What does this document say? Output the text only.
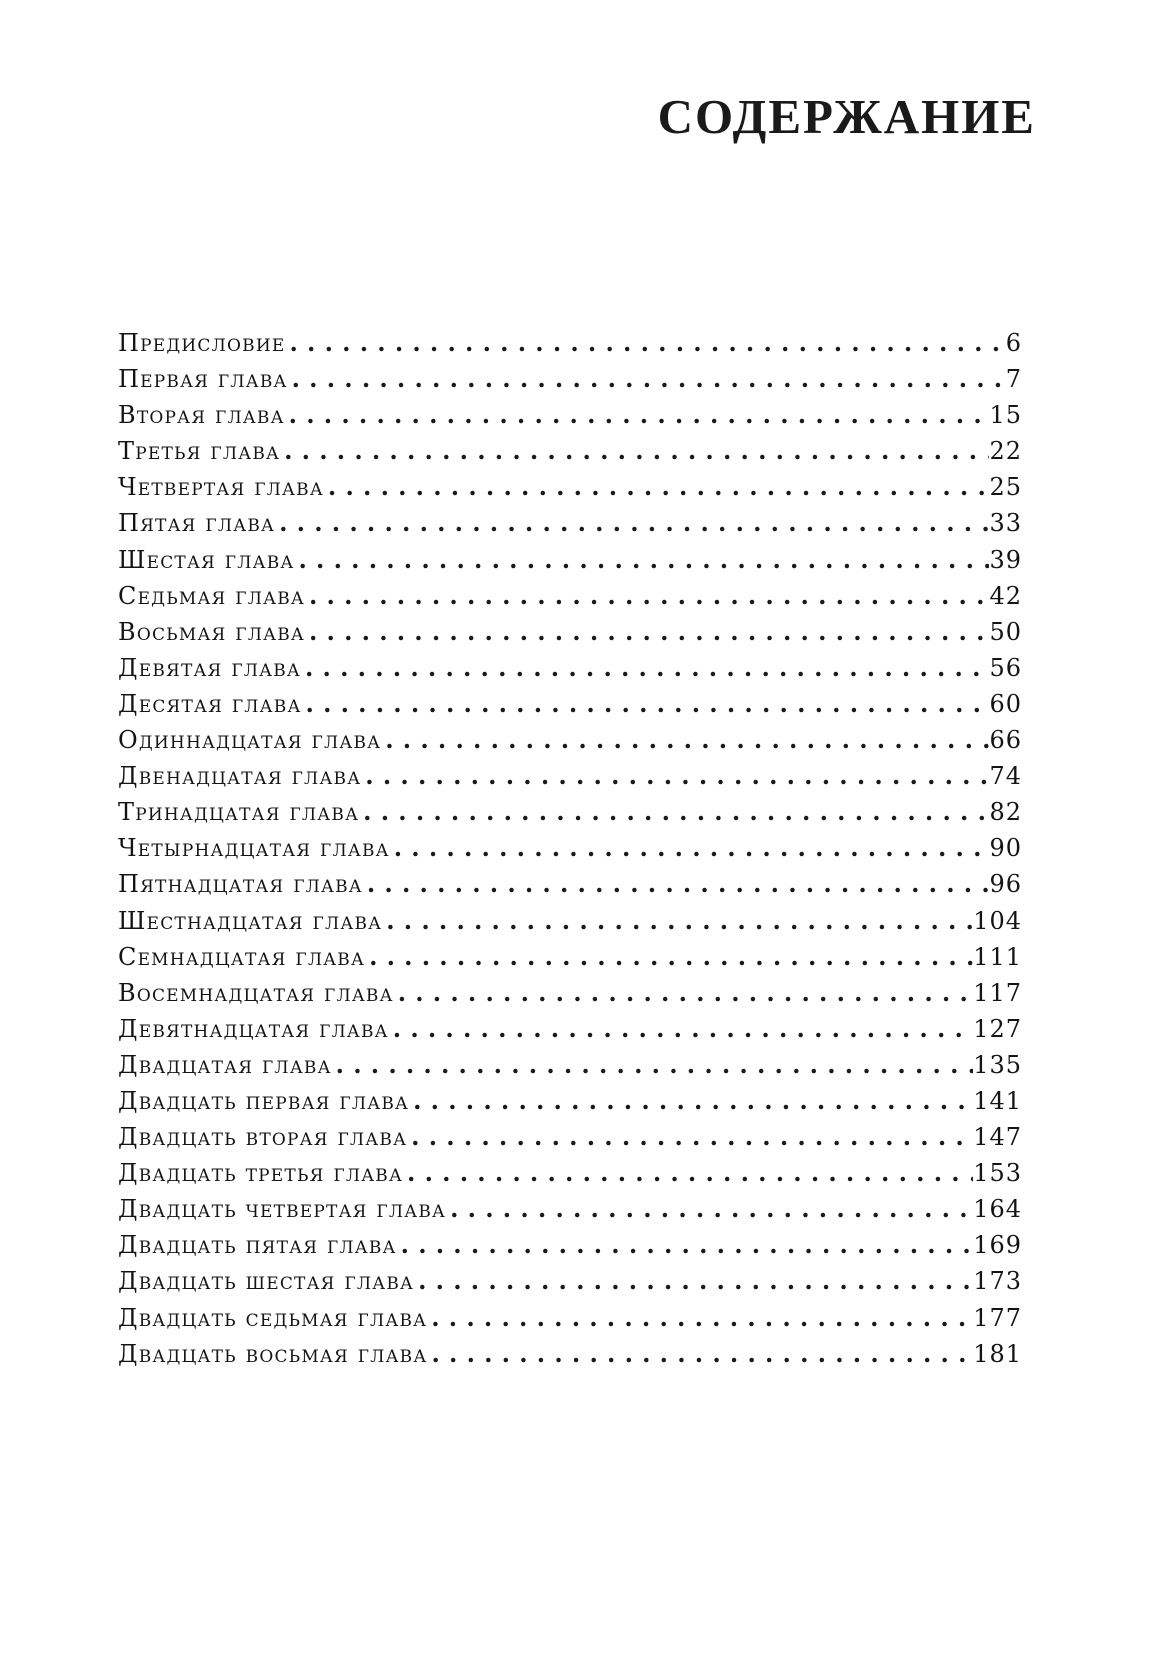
СОДЕРЖАНИЕ
Предисловие .....	6
Первая глава .....	7
Вторая глава .....	15
Третья глава .....	22
Четвертая глава .....	25
Пятая глава .....	33
Шестая глава .....	39
Седьмая глава .....	42
Восьмая глава .....	50
Девятая глава .....	56
Десятая глава .....	60
Одиннадцатая глава .....	66
Двенадцатая глава .....	74
Тринадцатая глава .....	82
Четырнадцатая глава .....	90
Пятнадцатая глава .....	96
Шестнадцатая глава .....	104
Семнадцатая глава .....	111
Восемнадцатая глава .....	117
Девятнадцатая глава .....	127
Двадцатая глава .....	135
Двадцать первая глава .....	141
Двадцать вторая глава .....	147
Двадцать третья глава .....	153
Двадцать четвертая глава .....	164
Двадцать пятая глава .....	169
Двадцать шестая глава .....	173
Двадцать седьмая глава .....	177
Двадцать восьмая глава .....	181
